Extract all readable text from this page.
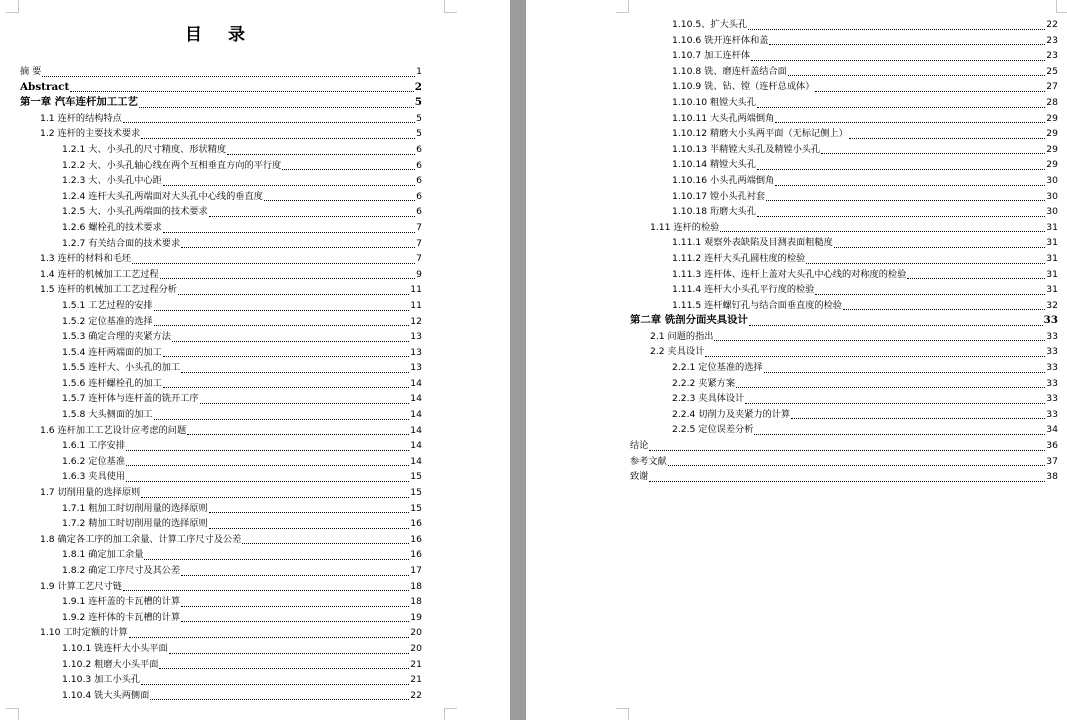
目 录
摘 要	1
Abstract	2
第一章 汽车连杆加工工艺	5
1.1 连杆的结构特点	5
1.2 连杆的主要技术要求	5
1.2.1 大、小头孔的尺寸精度、形状精度	6
1.2.2 大、小头孔轴心线在两个互相垂直方向的平行度	6
1.2.3 大、小头孔中心距	6
1.2.4 连杆大头孔两端面对大头孔中心线的垂直度	6
1.2.5 大、小头孔两端面的技术要求	6
1.2.6 螺栓孔的技术要求	7
1.2.7 有关结合面的技术要求	7
1.3 连杆的材料和毛坯	7
1.4 连杆的机械加工工艺过程	9
1.5 连杆的机械加工工艺过程分析	11
1.5.1 工艺过程的安排	11
1.5.2 定位基准的选择	12
1.5.3 确定合理的夹紧方法	13
1.5.4 连杆两端面的加工	13
1.5.5 连杆大、小头孔的加工	13
1.5.6 连杆螺栓孔的加工	14
1.5.7 连杆体与连杆盖的铣开工序	14
1.5.8 大头侧面的加工	14
1.6 连杆加工工艺设计应考虑的问题	14
1.6.1 工序安排	14
1.6.2 定位基准	14
1.6.3 夹具使用	15
1.7 切削用量的选择原则	15
1.7.1 粗加工时切削用量的选择原则	15
1.7.2 精加工时切削用量的选择原则	16
1.8 确定各工序的加工余量、计算工序尺寸及公差	16
1.8.1 确定加工余量	16
1.8.2 确定工序尺寸及其公差	17
1.9 计算工艺尺寸链	18
1.9.1 连杆盖的卡瓦槽的计算	18
1.9.2 连杆体的卡瓦槽的计算	19
1.10 工时定额的计算	20
1.10.1 铣连杆大小头平面	20
1.10.2 粗磨大小头平面	21
1.10.3 加工小头孔	21
1.10.4 铣大头两侧面	22
1.10.5、扩大头孔	22
1.10.6 铣开连杆体和盖	23
1.10.7 加工连杆体	23
1.10.8 铣、磨连杆盖结合面	25
1.10.9 铣、钻、镗（连杆总成体）	27
1.10.10 粗镗大头孔	28
1.10.11 大头孔两端倒角	29
1.10.12 精磨大小头两平面（无标记侧上）	29
1.10.13 半精镗大头孔及精镗小头孔	29
1.10.14 精镗大头孔	29
1.10.16 小头孔两端倒角	30
1.10.17 镗小头孔衬套	30
1.10.18 珩磨大头孔	30
1.11 连杆的检验	31
1.11.1 观察外表缺陷及目测表面粗糙度	31
1.11.2 连杆大头孔圆柱度的检验	31
1.11.3 连杆体、连杆上盖对大头孔中心线的对称度的检验	31
1.11.4 连杆大小头孔平行度的检验	31
1.11.5 连杆螺钉孔与结合面垂直度的检验	32
第二章 铣剖分面夹具设计	33
2.1 问题的指出	33
2.2 夹具设计	33
2.2.1 定位基准的选择	33
2.2.2 夹紧方案	33
2.2.3 夹具体设计	33
2.2.4 切削力及夹紧力的计算	33
2.2.5 定位误差分析	34
结论	36
参考文献	37
致谢	38
